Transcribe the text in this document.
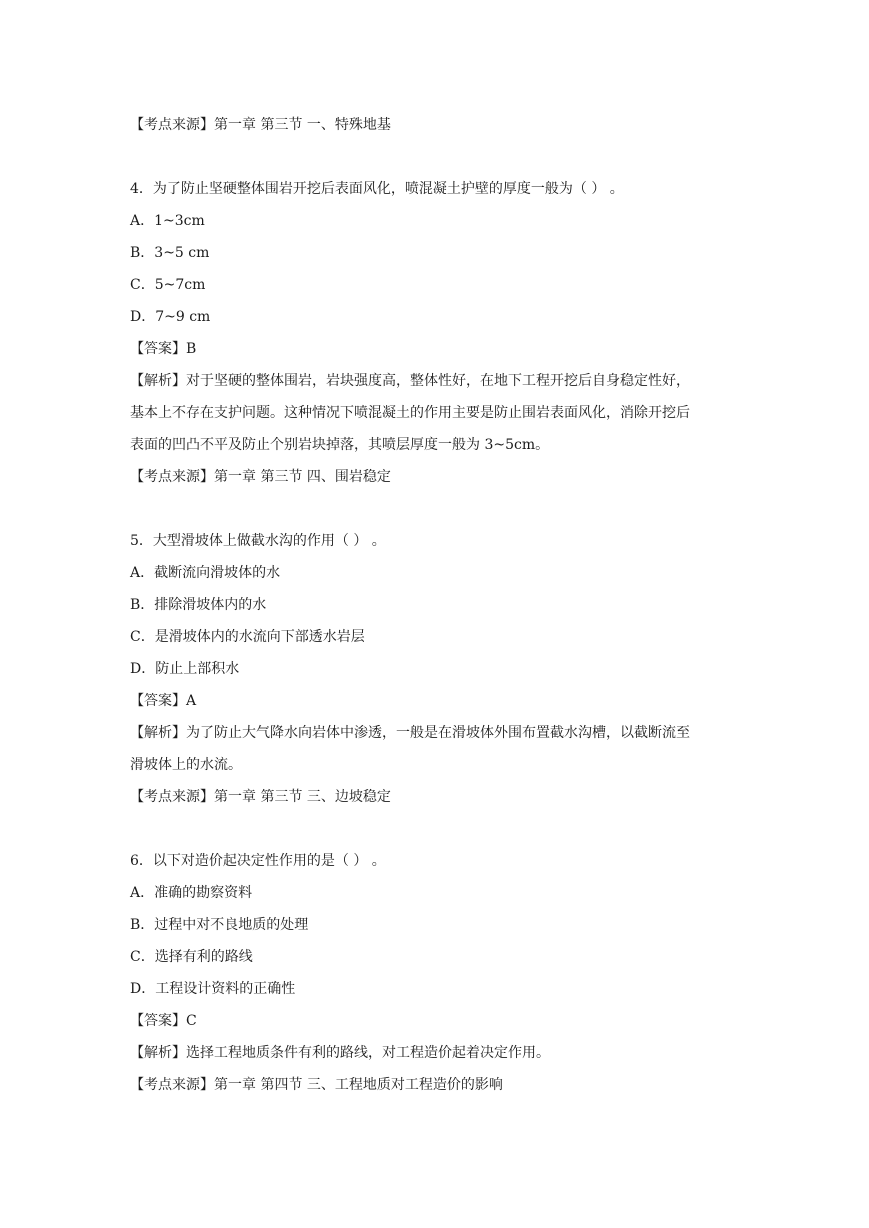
【考点来源】第一章 第三节 一、特殊地基
4．为了防止坚硬整体围岩开挖后表面风化，喷混凝土护壁的厚度一般为（ ） 。
A．1~3cm
B．3~5 cm
C．5~7cm
D．7~9 cm
【答案】B
【解析】对于坚硬的整体围岩，岩块强度高，整体性好，在地下工程开挖后自身稳定性好，
基本上不存在支护问题。这种情况下喷混凝土的作用主要是防止围岩表面风化，消除开挖后
表面的凹凸不平及防止个别岩块掉落，其喷层厚度一般为 3~5cm。
【考点来源】第一章 第三节 四、围岩稳定
5．大型滑坡体上做截水沟的作用（ ） 。
A．截断流向滑坡体的水
B．排除滑坡体内的水
C．是滑坡体内的水流向下部透水岩层
D．防止上部积水
【答案】A
【解析】为了防止大气降水向岩体中渗透，一般是在滑坡体外围布置截水沟槽，以截断流至
滑坡体上的水流。
【考点来源】第一章 第三节 三、边坡稳定
6．以下对造价起决定性作用的是（ ） 。
A．准确的勘察资料
B．过程中对不良地质的处理
C．选择有利的路线
D．工程设计资料的正确性
【答案】C
【解析】选择工程地质条件有利的路线，对工程造价起着决定作用。
【考点来源】第一章 第四节 三、工程地质对工程造价的影响
